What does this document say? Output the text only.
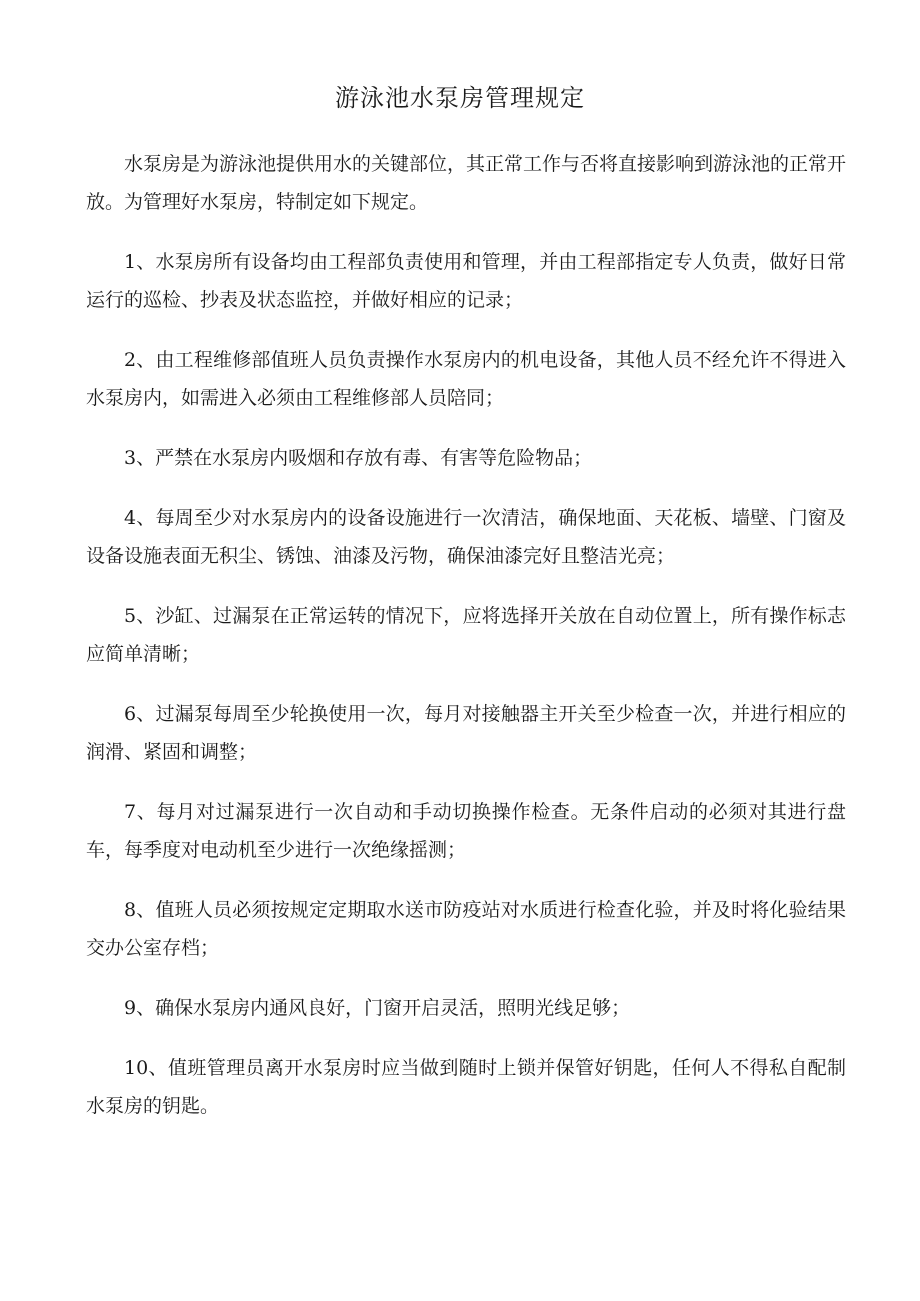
游泳池水泵房管理规定

水泵房是为游泳池提供用水的关键部位，其正常工作与否将直接影响到游泳池的正常开放。为管理好水泵房，特制定如下规定。

1、水泵房所有设备均由工程部负责使用和管理，并由工程部指定专人负责，做好日常运行的巡检、抄表及状态监控，并做好相应的记录；

2、由工程维修部值班人员负责操作水泵房内的机电设备，其他人员不经允许不得进入水泵房内，如需进入必须由工程维修部人员陪同；

3、严禁在水泵房内吸烟和存放有毒、有害等危险物品；

4、每周至少对水泵房内的设备设施进行一次清洁，确保地面、天花板、墙壁、门窗及设备设施表面无积尘、锈蚀、油漆及污物，确保油漆完好且整洁光亮；

5、沙缸、过漏泵在正常运转的情况下，应将选择开关放在自动位置上，所有操作标志应简单清晰；

6、过漏泵每周至少轮换使用一次，每月对接触器主开关至少检查一次，并进行相应的润滑、紧固和调整；

7、每月对过漏泵进行一次自动和手动切换操作检查。无条件启动的必须对其进行盘车，每季度对电动机至少进行一次绝缘摇测；

8、值班人员必须按规定定期取水送市防疫站对水质进行检查化验，并及时将化验结果交办公室存档；

9、确保水泵房内通风良好，门窗开启灵活，照明光线足够；

10、值班管理员离开水泵房时应当做到随时上锁并保管好钥匙，任何人不得私自配制水泵房的钥匙。
